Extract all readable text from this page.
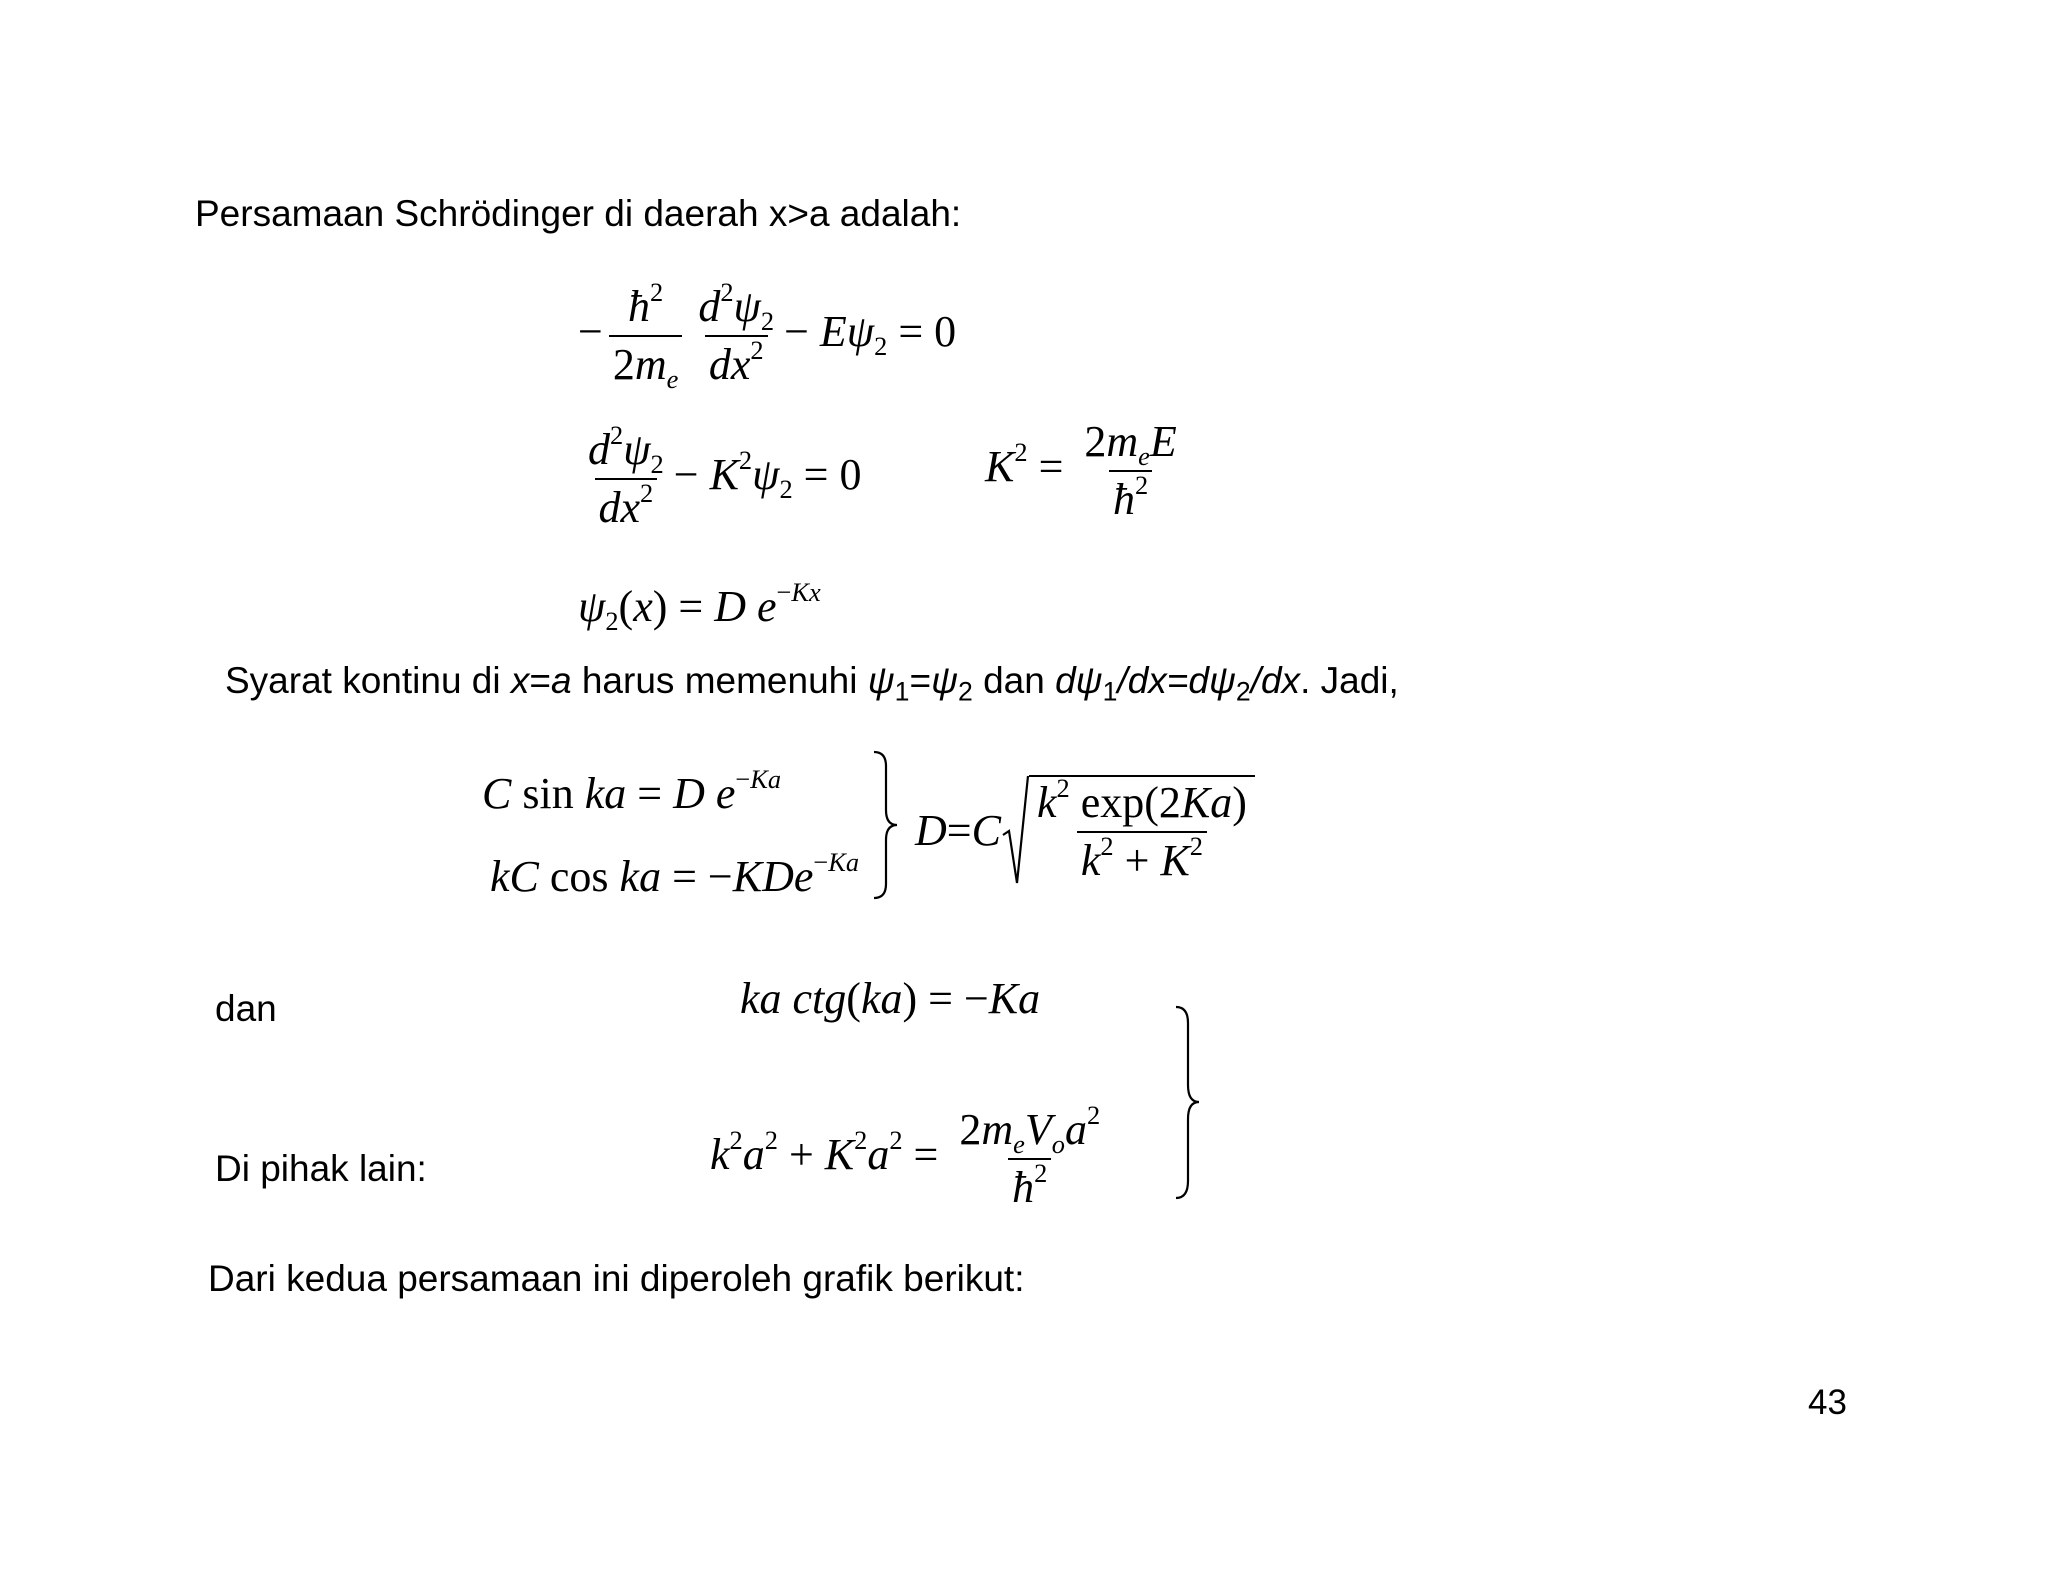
Persamaan Schrödinger di daerah x>a adalah:
− $\frac{ħ^2}{2m_e} \frac{d^2\psi_2}{dx^2} - E\psi_2 = 0$
$\frac{d^2\psi_2}{dx^2} - K^2\psi_2 = 0$	$K^2 = \frac{2m_eE}{ħ^2}$
$\psi_2(x) = D$ $e^{-Kx}$
Syarat kontinu di x=a harus memenuhi $\psi_1=\psi_2$ dan $d\psi_1/dx=d\psi_2/dx$. Jadi,
C sin ka = D $e^{-Ka}$
kC cos ka = −KDe$^{-Ka}$
$D=C \frac{k^2 \exp(2Ka)}{k^2 + K^2}$
dan	ka ctg(ka) = −Ka
Di pihak lain:	$k^2a^2 + K^2a^2 = \frac{2m_eV_oa^2}{ħ^2}$
Dari kedua persamaan ini diperoleh grafik berikut:
43
